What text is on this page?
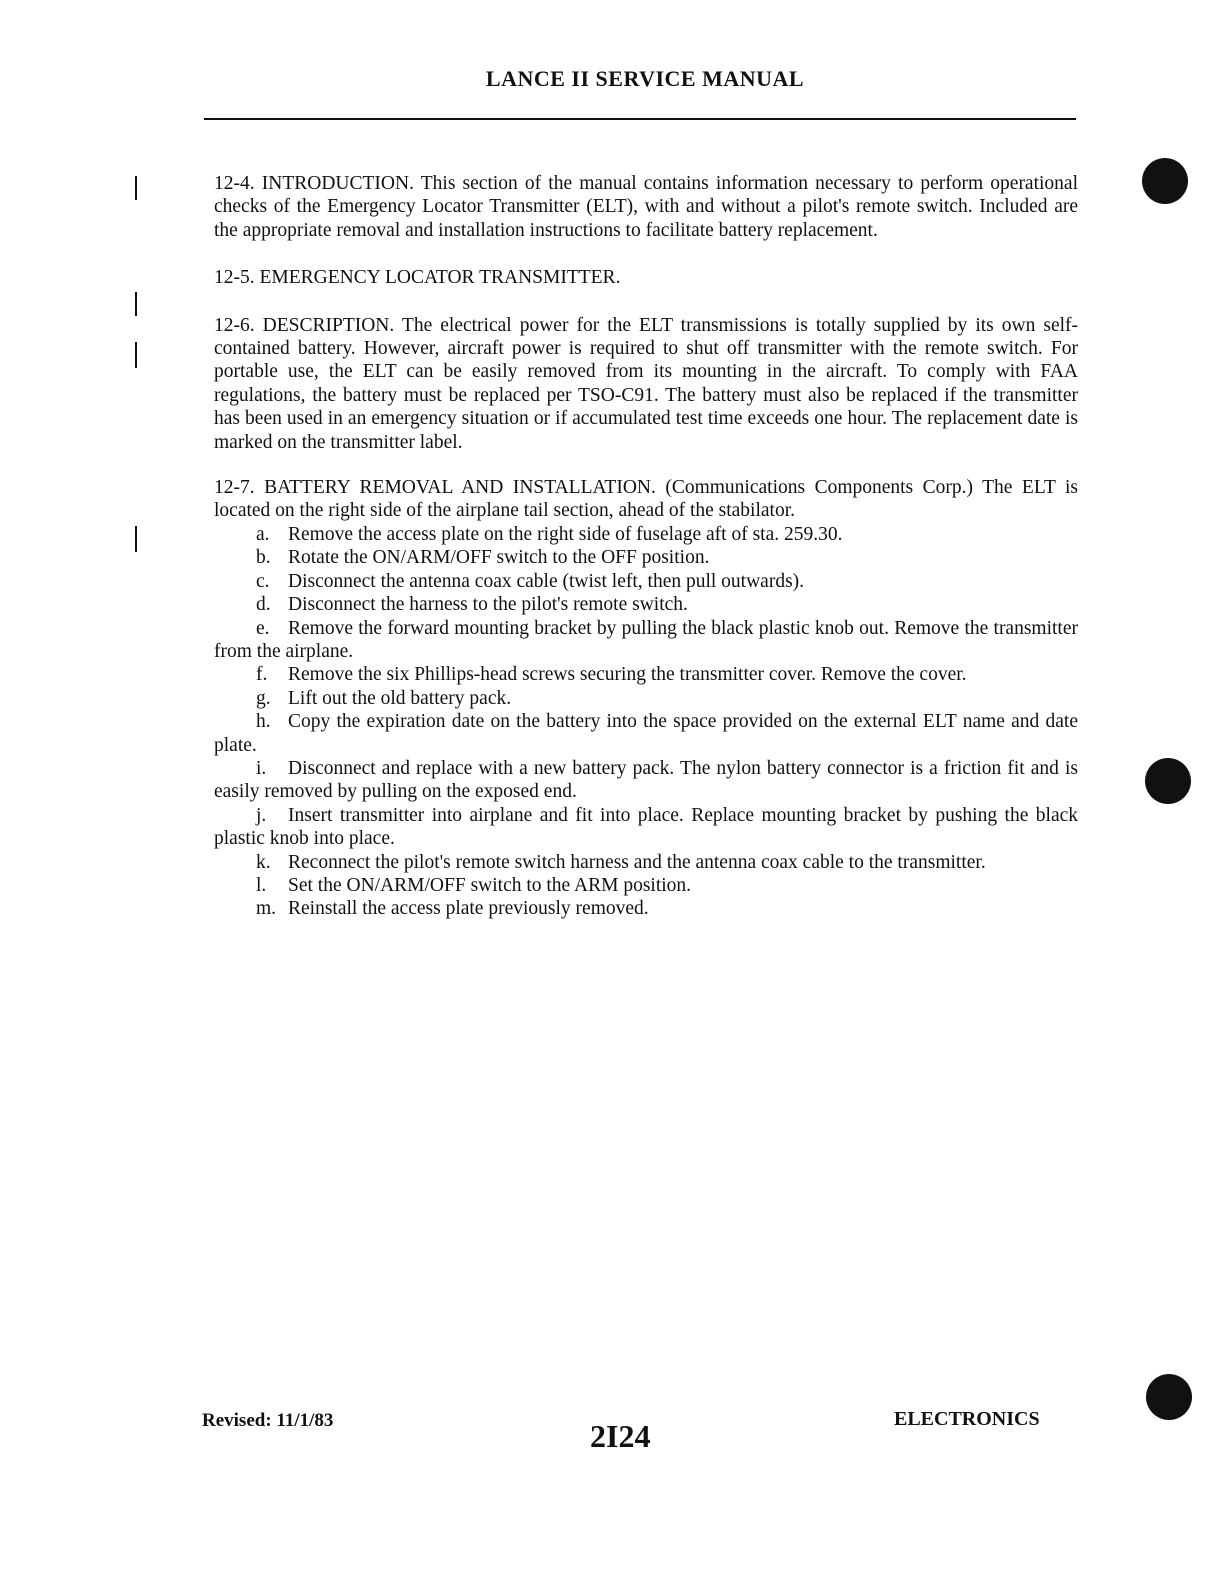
LANCE II SERVICE MANUAL

12-4. INTRODUCTION. This section of the manual contains information necessary to perform operational checks of the Emergency Locator Transmitter (ELT), with and without a pilot's remote switch. Included are the appropriate removal and installation instructions to facilitate battery replacement.

12-5. EMERGENCY LOCATOR TRANSMITTER.

12-6. DESCRIPTION. The electrical power for the ELT transmissions is totally supplied by its own self-contained battery. However, aircraft power is required to shut off transmitter with the remote switch. For portable use, the ELT can be easily removed from its mounting in the aircraft. To comply with FAA regulations, the battery must be replaced per TSO-C91. The battery must also be replaced if the transmitter has been used in an emergency situation or if accumulated test time exceeds one hour. The replacement date is marked on the transmitter label.

12-7. BATTERY REMOVAL AND INSTALLATION. (Communications Components Corp.) The ELT is located on the right side of the airplane tail section, ahead of the stabilator.

a. Remove the access plate on the right side of fuselage aft of sta. 259.30.

b. Rotate the ON/ARM/OFF switch to the OFF position.

c. Disconnect the antenna coax cable (twist left, then pull outwards).

d. Disconnect the harness to the pilot's remote switch.

e. Remove the forward mounting bracket by pulling the black plastic knob out. Remove the transmitter from the airplane.

f. Remove the six Phillips-head screws securing the transmitter cover. Remove the cover.

g. Lift out the old battery pack.

h. Copy the expiration date on the battery into the space provided on the external ELT name and date plate.

i. Disconnect and replace with a new battery pack. The nylon battery connector is a friction fit and is easily removed by pulling on the exposed end.

j. Insert transmitter into airplane and fit into place. Replace mounting bracket by pushing the black plastic knob into place.

k. Reconnect the pilot's remote switch harness and the antenna coax cable to the transmitter.

l. Set the ON/ARM/OFF switch to the ARM position.

m. Reinstall the access plate previously removed.

Revised: 11/1/83	2I24	ELECTRONICS
